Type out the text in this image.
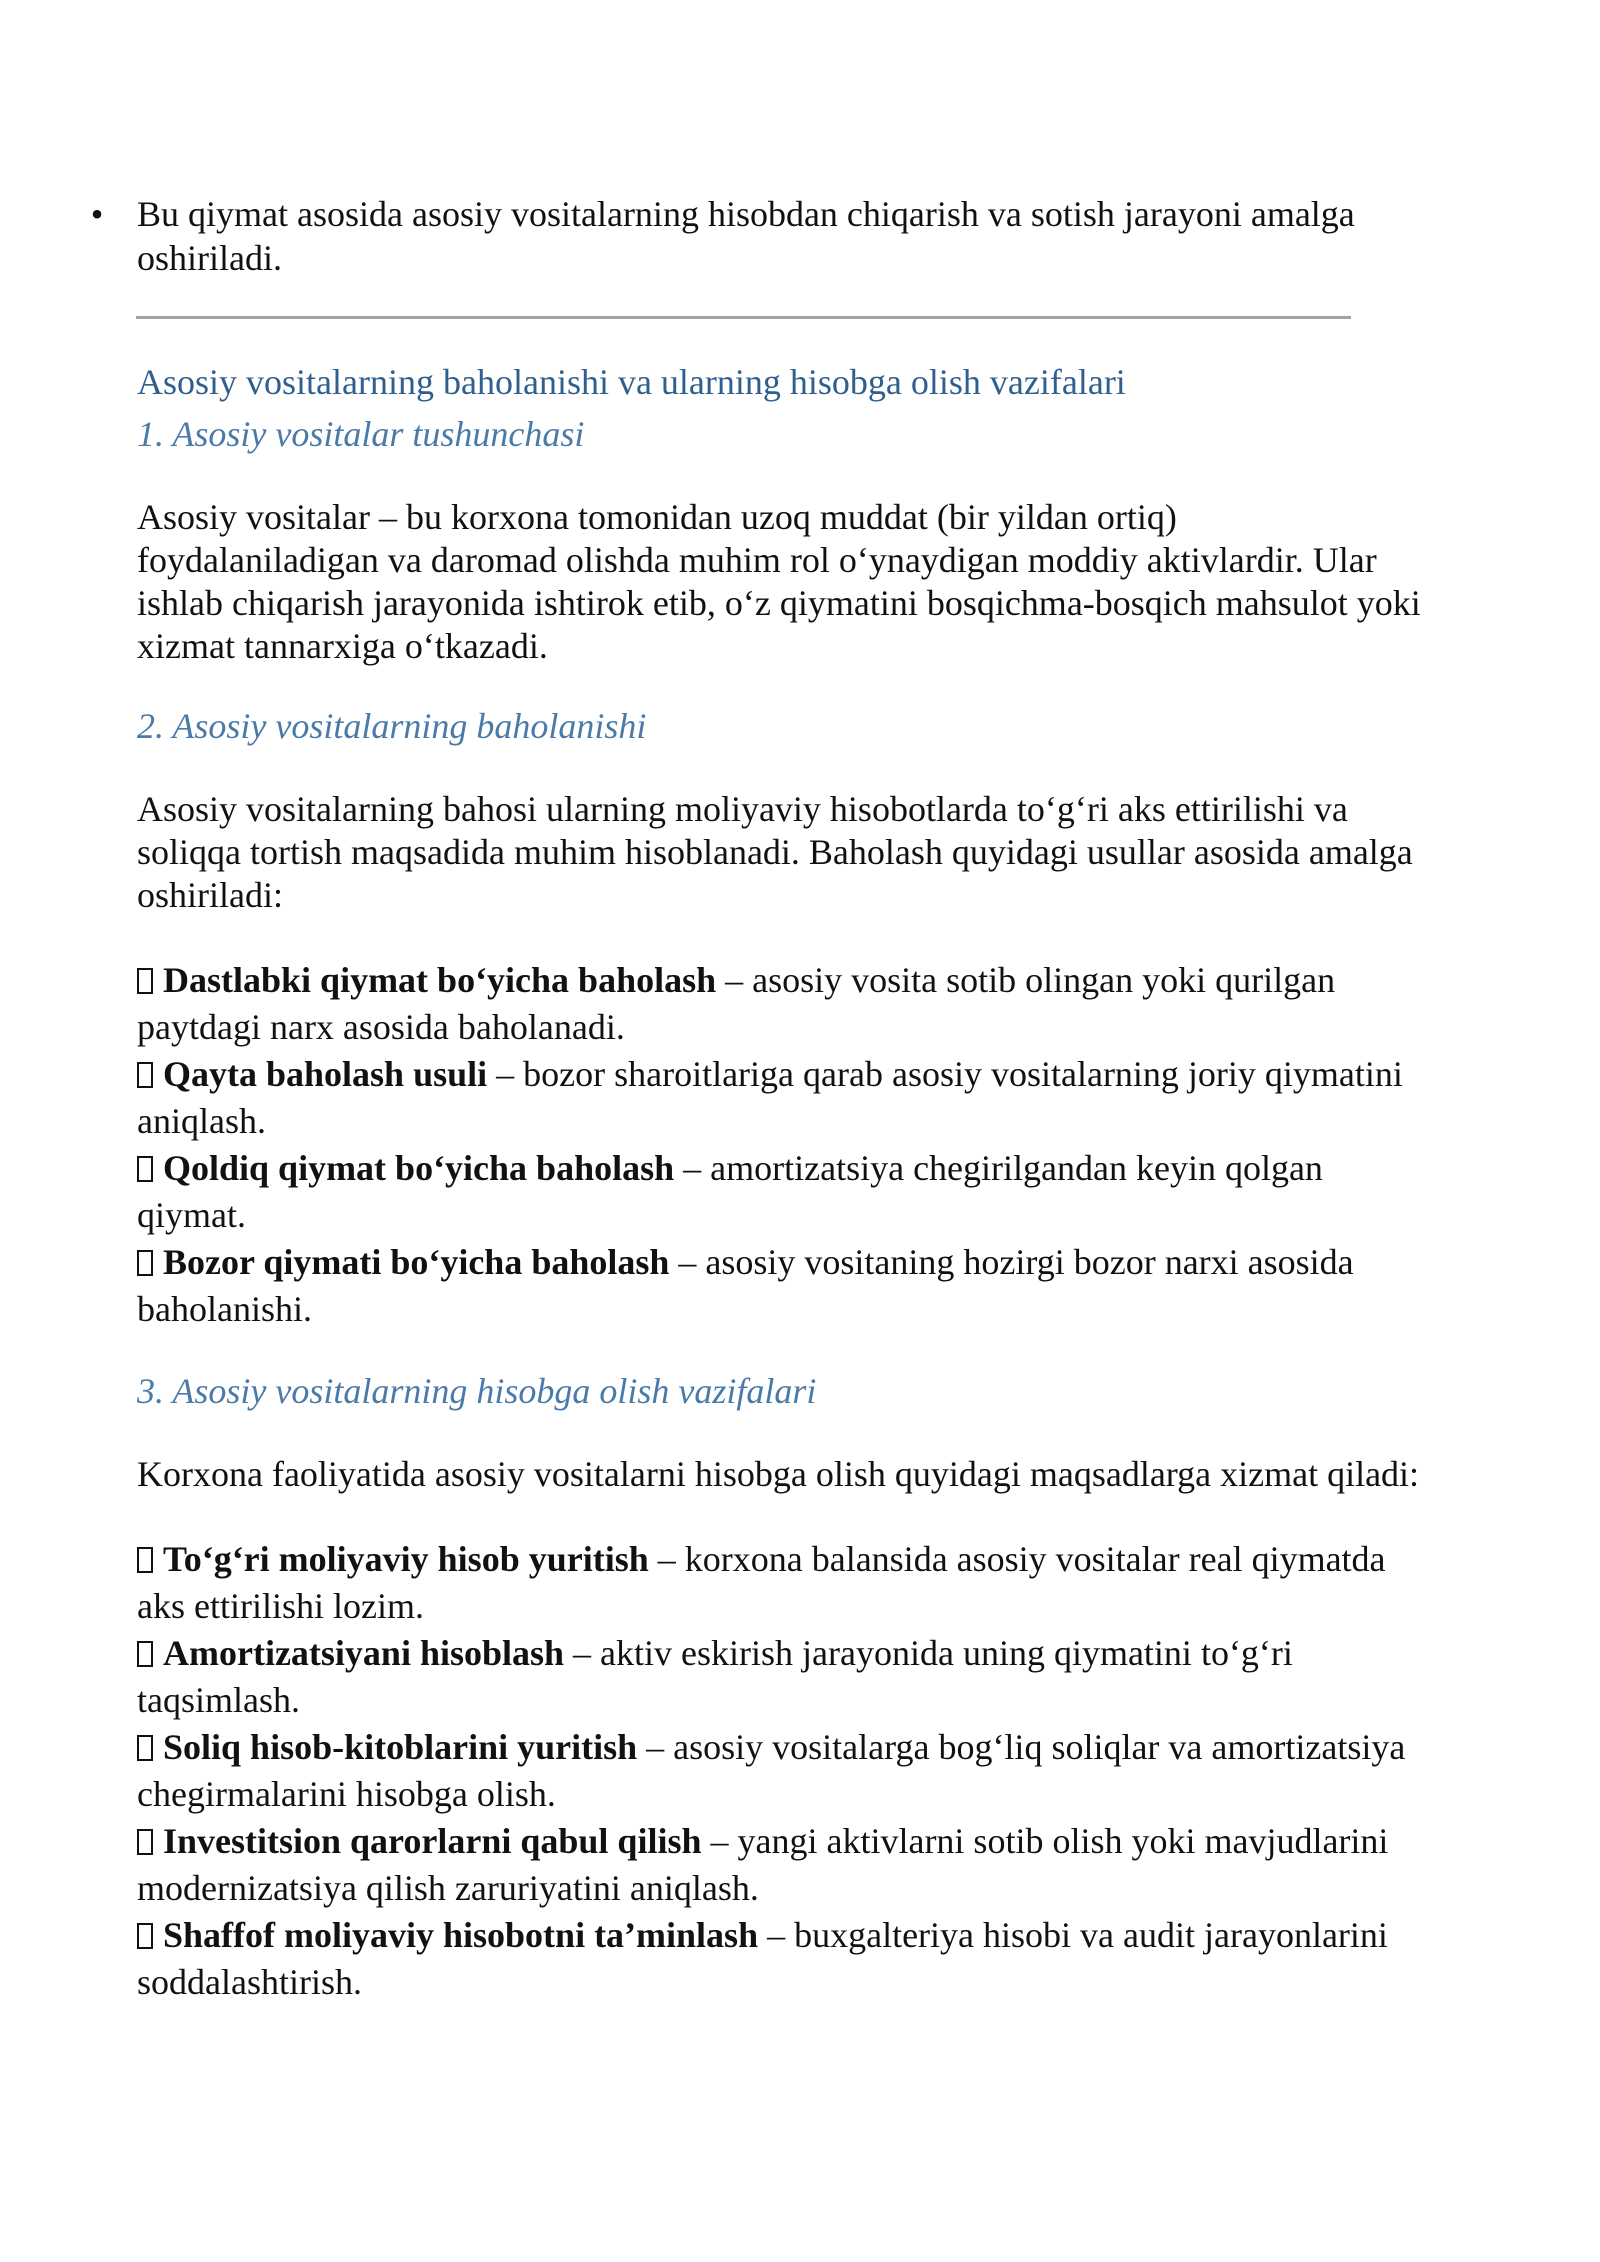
• Bu qiymat asosida asosiy vositalarning hisobdan chiqarish va sotish jarayoni amalga oshiriladi.
Asosiy vositalarning baholanishi va ularning hisobga olish vazifalari
1. Asosiy vositalar tushunchasi

Asosiy vositalar – bu korxona tomonidan uzoq muddat (bir yildan ortiq) foydalaniladigan va daromad olishda muhim rol o‘ynaydigan moddiy aktivlardir. Ular ishlab chiqarish jarayonida ishtirok etib, o‘z qiymatini bosqichma-bosqich mahsulot yoki xizmat tannarxiga o‘tkazadi.

2. Asosiy vositalarning baholanishi

Asosiy vositalarning bahosi ularning moliyaviy hisobotlarda to‘g‘ri aks ettirilishi va soliqqa tortish maqsadida muhim hisoblanadi. Baholash quyidagi usullar asosida amalga oshiriladi:

Dastlabki qiymat bo‘yicha baholash – asosiy vosita sotib olingan yoki qurilgan paytdagi narx asosida baholanadi.
Qayta baholash usuli – bozor sharoitlariga qarab asosiy vositalarning joriy qiymatini aniqlash.
Qoldiq qiymat bo‘yicha baholash – amortizatsiya chegirilgandan keyin qolgan qiymat.
Bozor qiymati bo‘yicha baholash – asosiy vositaning hozirgi bozor narxi asosida baholanishi.
3. Asosiy vositalarning hisobga olish vazifalari

Korxona faoliyatida asosiy vositalarni hisobga olish quyidagi maqsadlarga xizmat qiladi:

To‘g‘ri moliyaviy hisob yuritish – korxona balansida asosiy vositalar real qiymatda aks ettirilishi lozim.
Amortizatsiyani hisoblash – aktiv eskirish jarayonida uning qiymatini to‘g‘ri taqsimlash.
Soliq hisob-kitoblarini yuritish – asosiy vositalarga bog‘liq soliqlar va amortizatsiya chegirmalarini hisobga olish.
Investitsion qarorlarni qabul qilish – yangi aktivlarni sotib olish yoki mavjudlarini modernizatsiya qilish zaruriyatini aniqlash.
Shaffof moliyaviy hisobotni ta’minlash – buxgalteriya hisobi va audit jarayonlarini soddalashtirish.
